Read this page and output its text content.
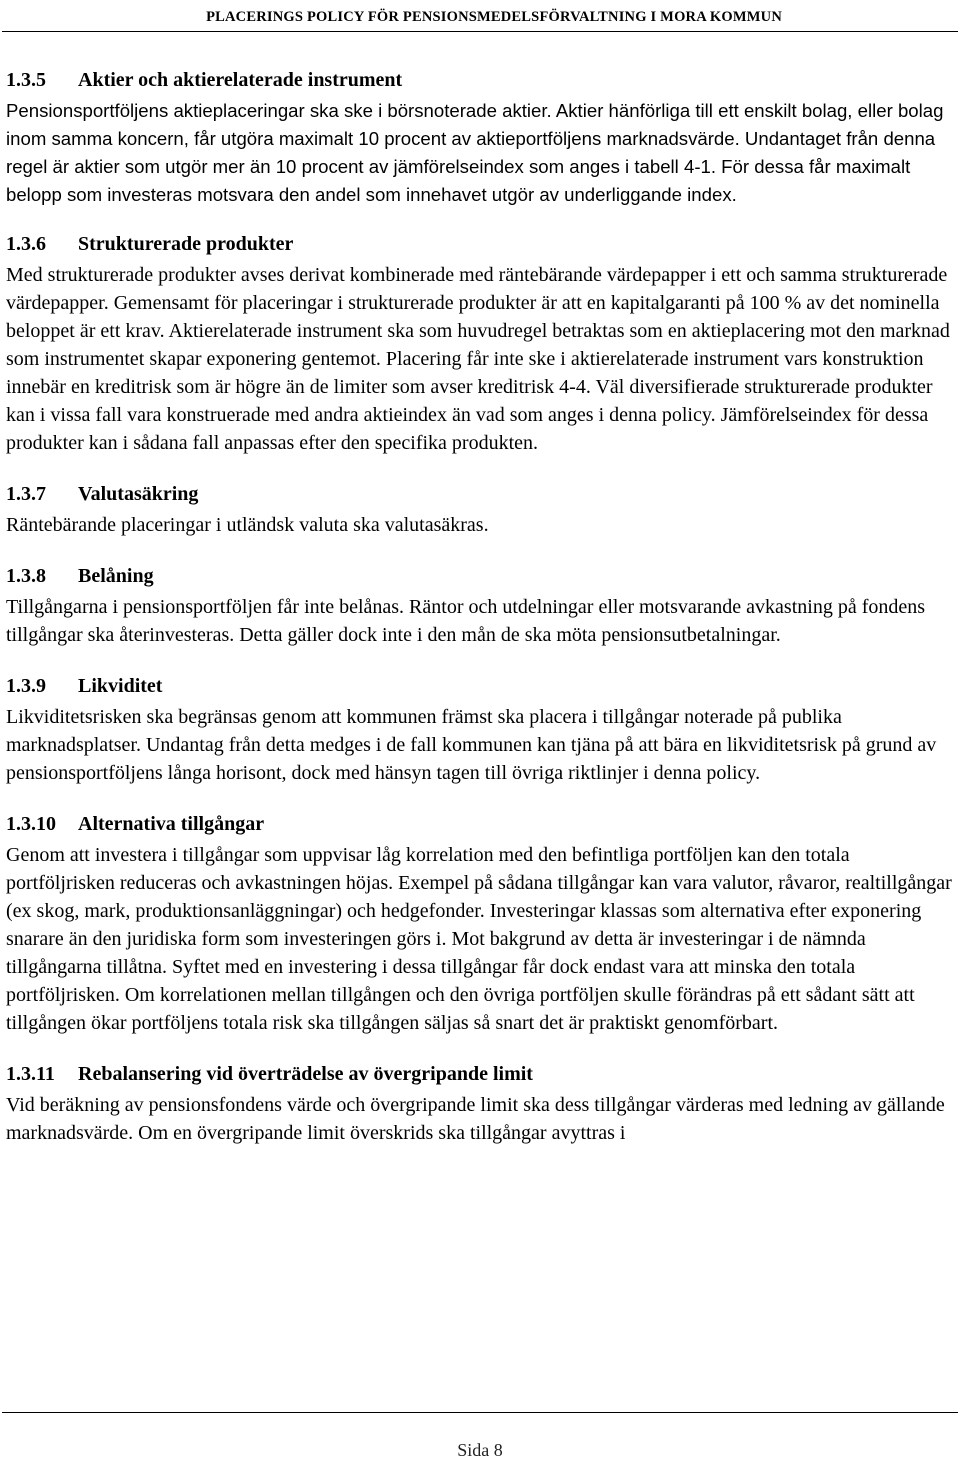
PLACERINGS POLICY FÖR PENSIONSMEDELSFÖRVALTNING I MORA KOMMUN
1.3.5 Aktier och aktierelaterade instrument

Pensionsportföljens aktieplaceringar ska ske i börsnoterade aktier. Aktier hänförliga till ett enskilt bolag, eller bolag inom samma koncern, får utgöra maximalt 10 procent av aktieportföljens marknadsvärde. Undantaget från denna regel är aktier som utgör mer än 10 procent av jämförelseindex som anges i tabell 4-1. För dessa får maximalt belopp som investeras motsvara den andel som innehavet utgör av underliggande index.

1.3.6 Strukturerade produkter

Med strukturerade produkter avses derivat kombinerade med räntebärande värdepapper i ett och samma strukturerade värdepapper. Gemensamt för placeringar i strukturerade produkter är att en kapitalgaranti på 100 % av det nominella beloppet är ett krav. Aktierelaterade instrument ska som huvudregel betraktas som en aktieplacering mot den marknad som instrumentet skapar exponering gentemot. Placering får inte ske i aktierelaterade instrument vars konstruktion innebär en kreditrisk som är högre än de limiter som avser kreditrisk 4-4. Väl diversifierade strukturerade produkter kan i vissa fall vara konstruerade med andra aktieindex än vad som anges i denna policy. Jämförelseindex för dessa produkter kan i sådana fall anpassas efter den specifika produkten.

1.3.7 Valutasäkring

Räntebärande placeringar i utländsk valuta ska valutasäkras.

1.3.8 Belåning

Tillgångarna i pensionsportföljen får inte belånas. Räntor och utdelningar eller motsvarande avkastning på fondens tillgångar ska återinvesteras. Detta gäller dock inte i den mån de ska möta pensionsutbetalningar.

1.3.9 Likviditet

Likviditetsrisken ska begränsas genom att kommunen främst ska placera i tillgångar noterade på publika marknadsplatser. Undantag från detta medges i de fall kommunen kan tjäna på att bära en likviditetsrisk på grund av pensionsportföljens långa horisont, dock med hänsyn tagen till övriga riktlinjer i denna policy.

1.3.10 Alternativa tillgångar

Genom att investera i tillgångar som uppvisar låg korrelation med den befintliga portföljen kan den totala portföljrisken reduceras och avkastningen höjas. Exempel på sådana tillgångar kan vara valutor, råvaror, realtillgångar (ex skog, mark, produktionsanläggningar) och hedgefonder. Investeringar klassas som alternativa efter exponering snarare än den juridiska form som investeringen görs i. Mot bakgrund av detta är investeringar i de nämnda tillgångarna tillåtna. Syftet med en investering i dessa tillgångar får dock endast vara att minska den totala portföljrisken. Om korrelationen mellan tillgången och den övriga portföljen skulle förändras på ett sådant sätt att tillgången ökar portföljens totala risk ska tillgången säljas så snart det är praktiskt genomförbart.

1.3.11 Rebalansering vid överträdelse av övergripande limit

Vid beräkning av pensionsfondens värde och övergripande limit ska dess tillgångar värderas med ledning av gällande marknadsvärde. Om en övergripande limit överskrids ska tillgångar avyttras i

Sida 8
